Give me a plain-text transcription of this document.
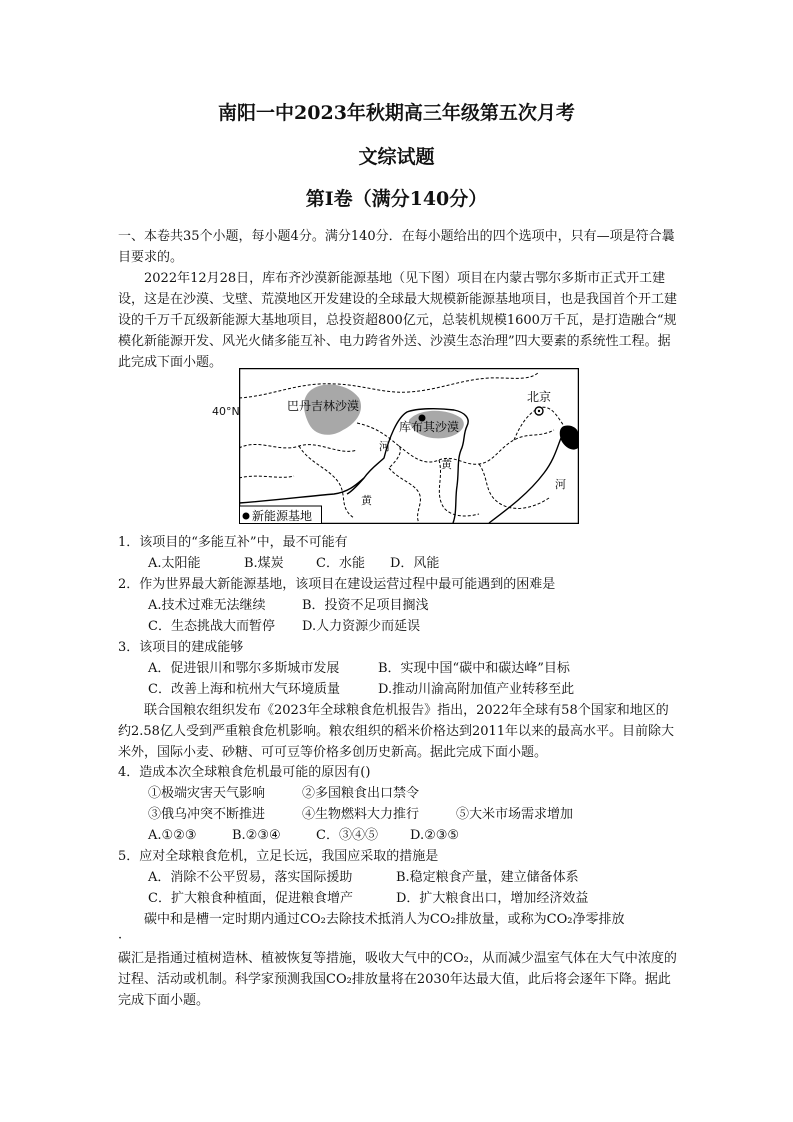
南阳一中2023年秋期高三年级第五次月考
文综试题
第Ⅰ卷（满分140分）
一、本卷共35个小题，每小题4分。满分140分．在每小题给出的四个选项中，只有—项是符合曩目要求的。
2022年12月28日，库布齐沙漠新能源基地（见下图）项目在内蒙古鄂尔多斯市正式开工建设，这是在沙漠、戈壁、荒漠地区开发建设的全球最大规模新能源基地项目，也是我国首个开工建设的千万千瓦级新能源大基地项目，总投资超800亿元，总装机规模1600万千瓦，是打造融合“规模化新能源开发、风光火储多能互补、电力跨省外送、沙漠生态治理”四大要素的系统性工程。据此完成下面小题。
巴丹吉林沙漠
库布其沙漠
北京
河
黄
黄
河
新能源基地
40°N
1．该项目的“多能互补”中，最不可能有
A.太阳能	B.煤炭 C．水能 D．风能
2．作为世界最大新能源基地，该项目在建设运营过程中最可能遇到的困难是
A.技术过难无法继续	B．投资不足项目搁浅
C．生态挑战大而暂停 D.人力资源少而延误
3．该项目的建成能够
A．促进银川和鄂尔多斯城市发展	B．实现中国“碳中和碳达峰”目标
C．改善上海和杭州大气环境质量	D.推动川渝高附加值产业转移至此
联合国粮农组织发布《2023年全球粮食危机报告》指出，2022年全球有58个国家和地区的约2.58亿人受到严重粮食危机影响。粮农组织的稻米价格达到2011年以来的最高水平。目前除大米外，国际小麦、砂糖、可可豆等价格多创历史新高。据此完成下面小题。
4．造成本次全球粮食危机最可能的原因有()
①极端灾害天气影响	②多国粮食出口禁令
③俄乌冲突不断推进	④生物燃料大力推行	⑤大米市场需求增加
A.①②③	B.②③④	C．③④⑤ D.②③⑤
5．应对全球粮食危机，立足长远，我国应采取的措施是
A．消除不公平贸易，落实国际援助	B.稳定粮食产量，建立储备体系
C．扩大粮食种植面，促进粮食增产	D．扩大粮食出口，增加经济效益
碳中和是槽一定时期内通过CO₂去除技术抵消人为CO₂排放量，或称为CO₂净零排放
·
碳汇是指通过植树造林、植被恢复等措施，吸收大气中的CO₂，从而减少温室气体在大气中浓度的过程、活动或机制。科学家预测我国CO₂排放量将在2030年达最大值，此后将会逐年下降。据此完成下面小题。
